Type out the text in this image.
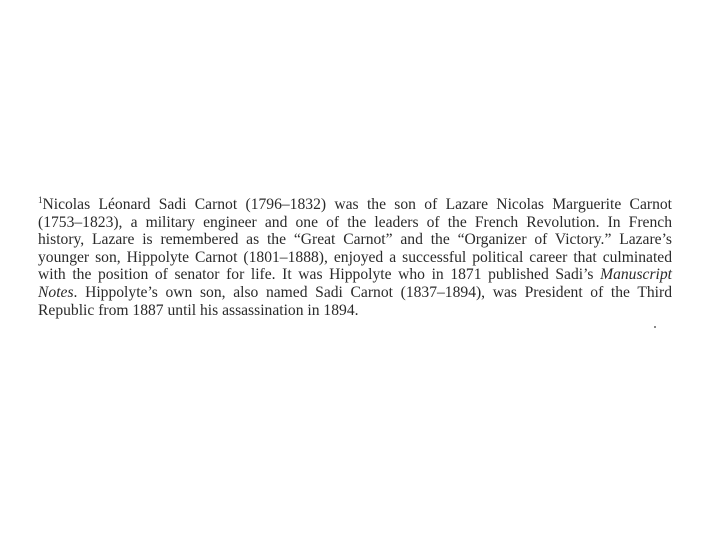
$^1$Nicolas Léonard Sadi Carnot (1796–1832) was the son of Lazare Nicolas Marguerite Carnot
(1753–1823), a military engineer and one of the leaders of the French Revolution. In French
history, Lazare is remembered as the “Great Carnot” and the “Organizer of Victory.” Lazare’s
younger son, Hippolyte Carnot (1801–1888), enjoyed a successful political career that culminated
with the position of senator for life. It was Hippolyte who in 1871 published Sadi’s Manuscript
Notes. Hippolyte’s own son, also named Sadi Carnot (1837–1894), was President of the Third
Republic from 1887 until his assassination in 1894.
